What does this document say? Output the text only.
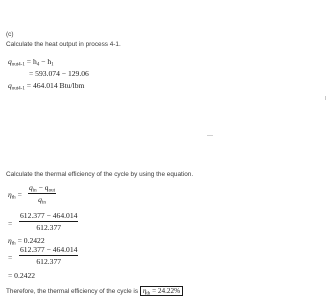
(c)
Calculate the heat output in process 4-1.
$q_{out4-1} = h_4 - h_1$
= 593.074 − 129.06
$q_{out4-1} = 464.014$ Btu/lbm
Calculate the thermal efficiency of the cycle by using the equation.
$\eta_{th}$ =
$q_{in} - q_{out}$
$q_{in}$
= $\frac{612.377 - 464.014}{612.377}$
$\eta_{th} = 0.2422$
= $\frac{612.377 - 464.014}{612.377}$
= 0.2422
Therefore, the thermal efficiency of the cycle is $\eta_{th} = 24.22\%$
